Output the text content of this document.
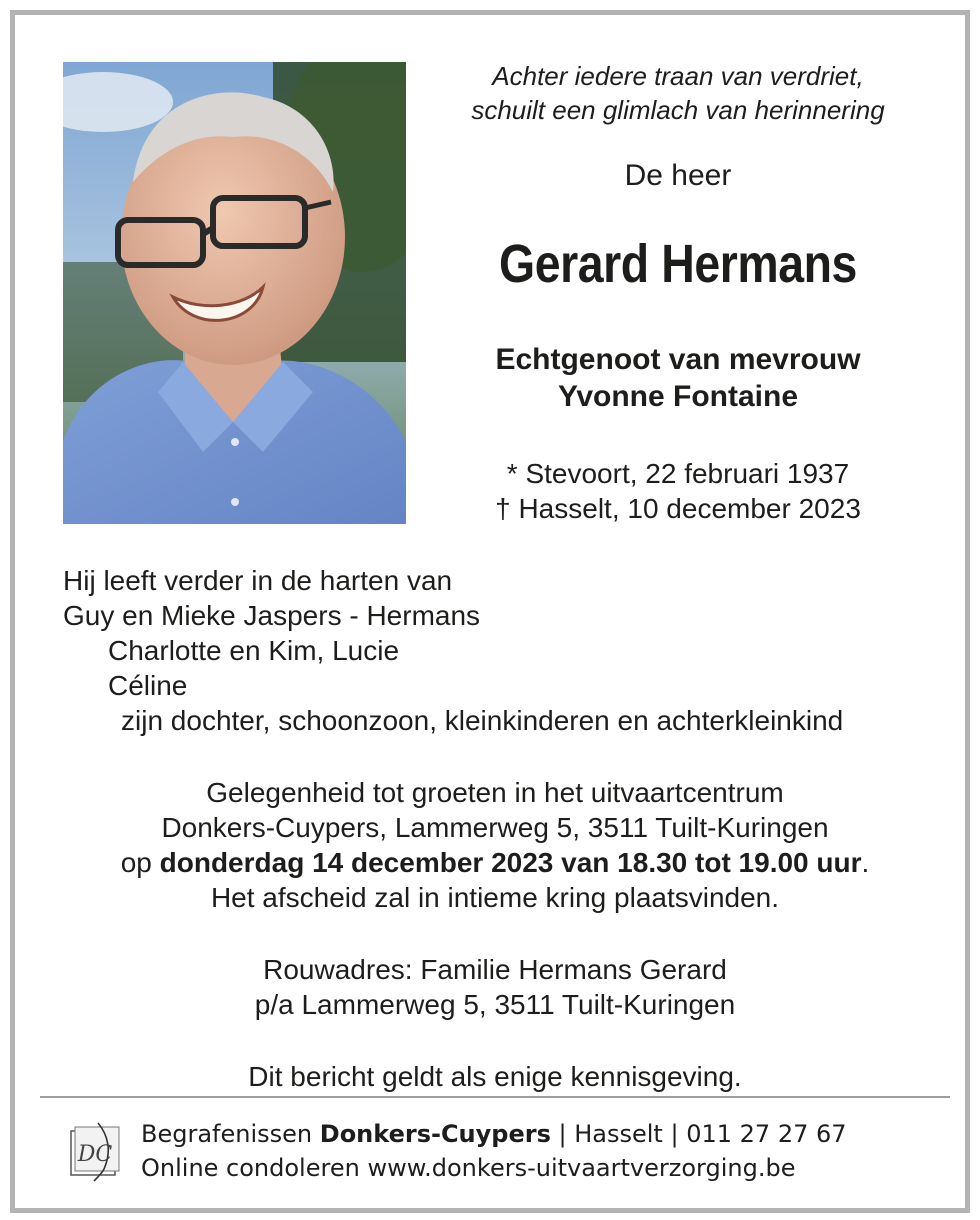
Achter iedere traan van verdriet,
schuilt een glimlach van herinnering
De heer
Gerard Hermans
Echtgenoot van mevrouw
Yvonne Fontaine
* Stevoort, 22 februari 1937
† Hasselt, 10 december 2023
Hij leeft verder in de harten van
Guy en Mieke Jaspers - Hermans
Charlotte en Kim, Lucie
Céline
zijn dochter, schoonzoon, kleinkinderen en achterkleinkind
Gelegenheid tot groeten in het uitvaartcentrum
Donkers-Cuypers, Lammerweg 5, 3511 Tuilt-Kuringen
op donderdag 14 december 2023 van 18.30 tot 19.00 uur.
Het afscheid zal in intieme kring plaatsvinden.
Rouwadres: Familie Hermans Gerard
p/a Lammerweg 5, 3511 Tuilt-Kuringen
Dit bericht geldt als enige kennisgeving.
DC
Begrafenissen Donkers-Cuypers | Hasselt | 011 27 27 67
Online condoleren www.donkers-uitvaartverzorging.be
